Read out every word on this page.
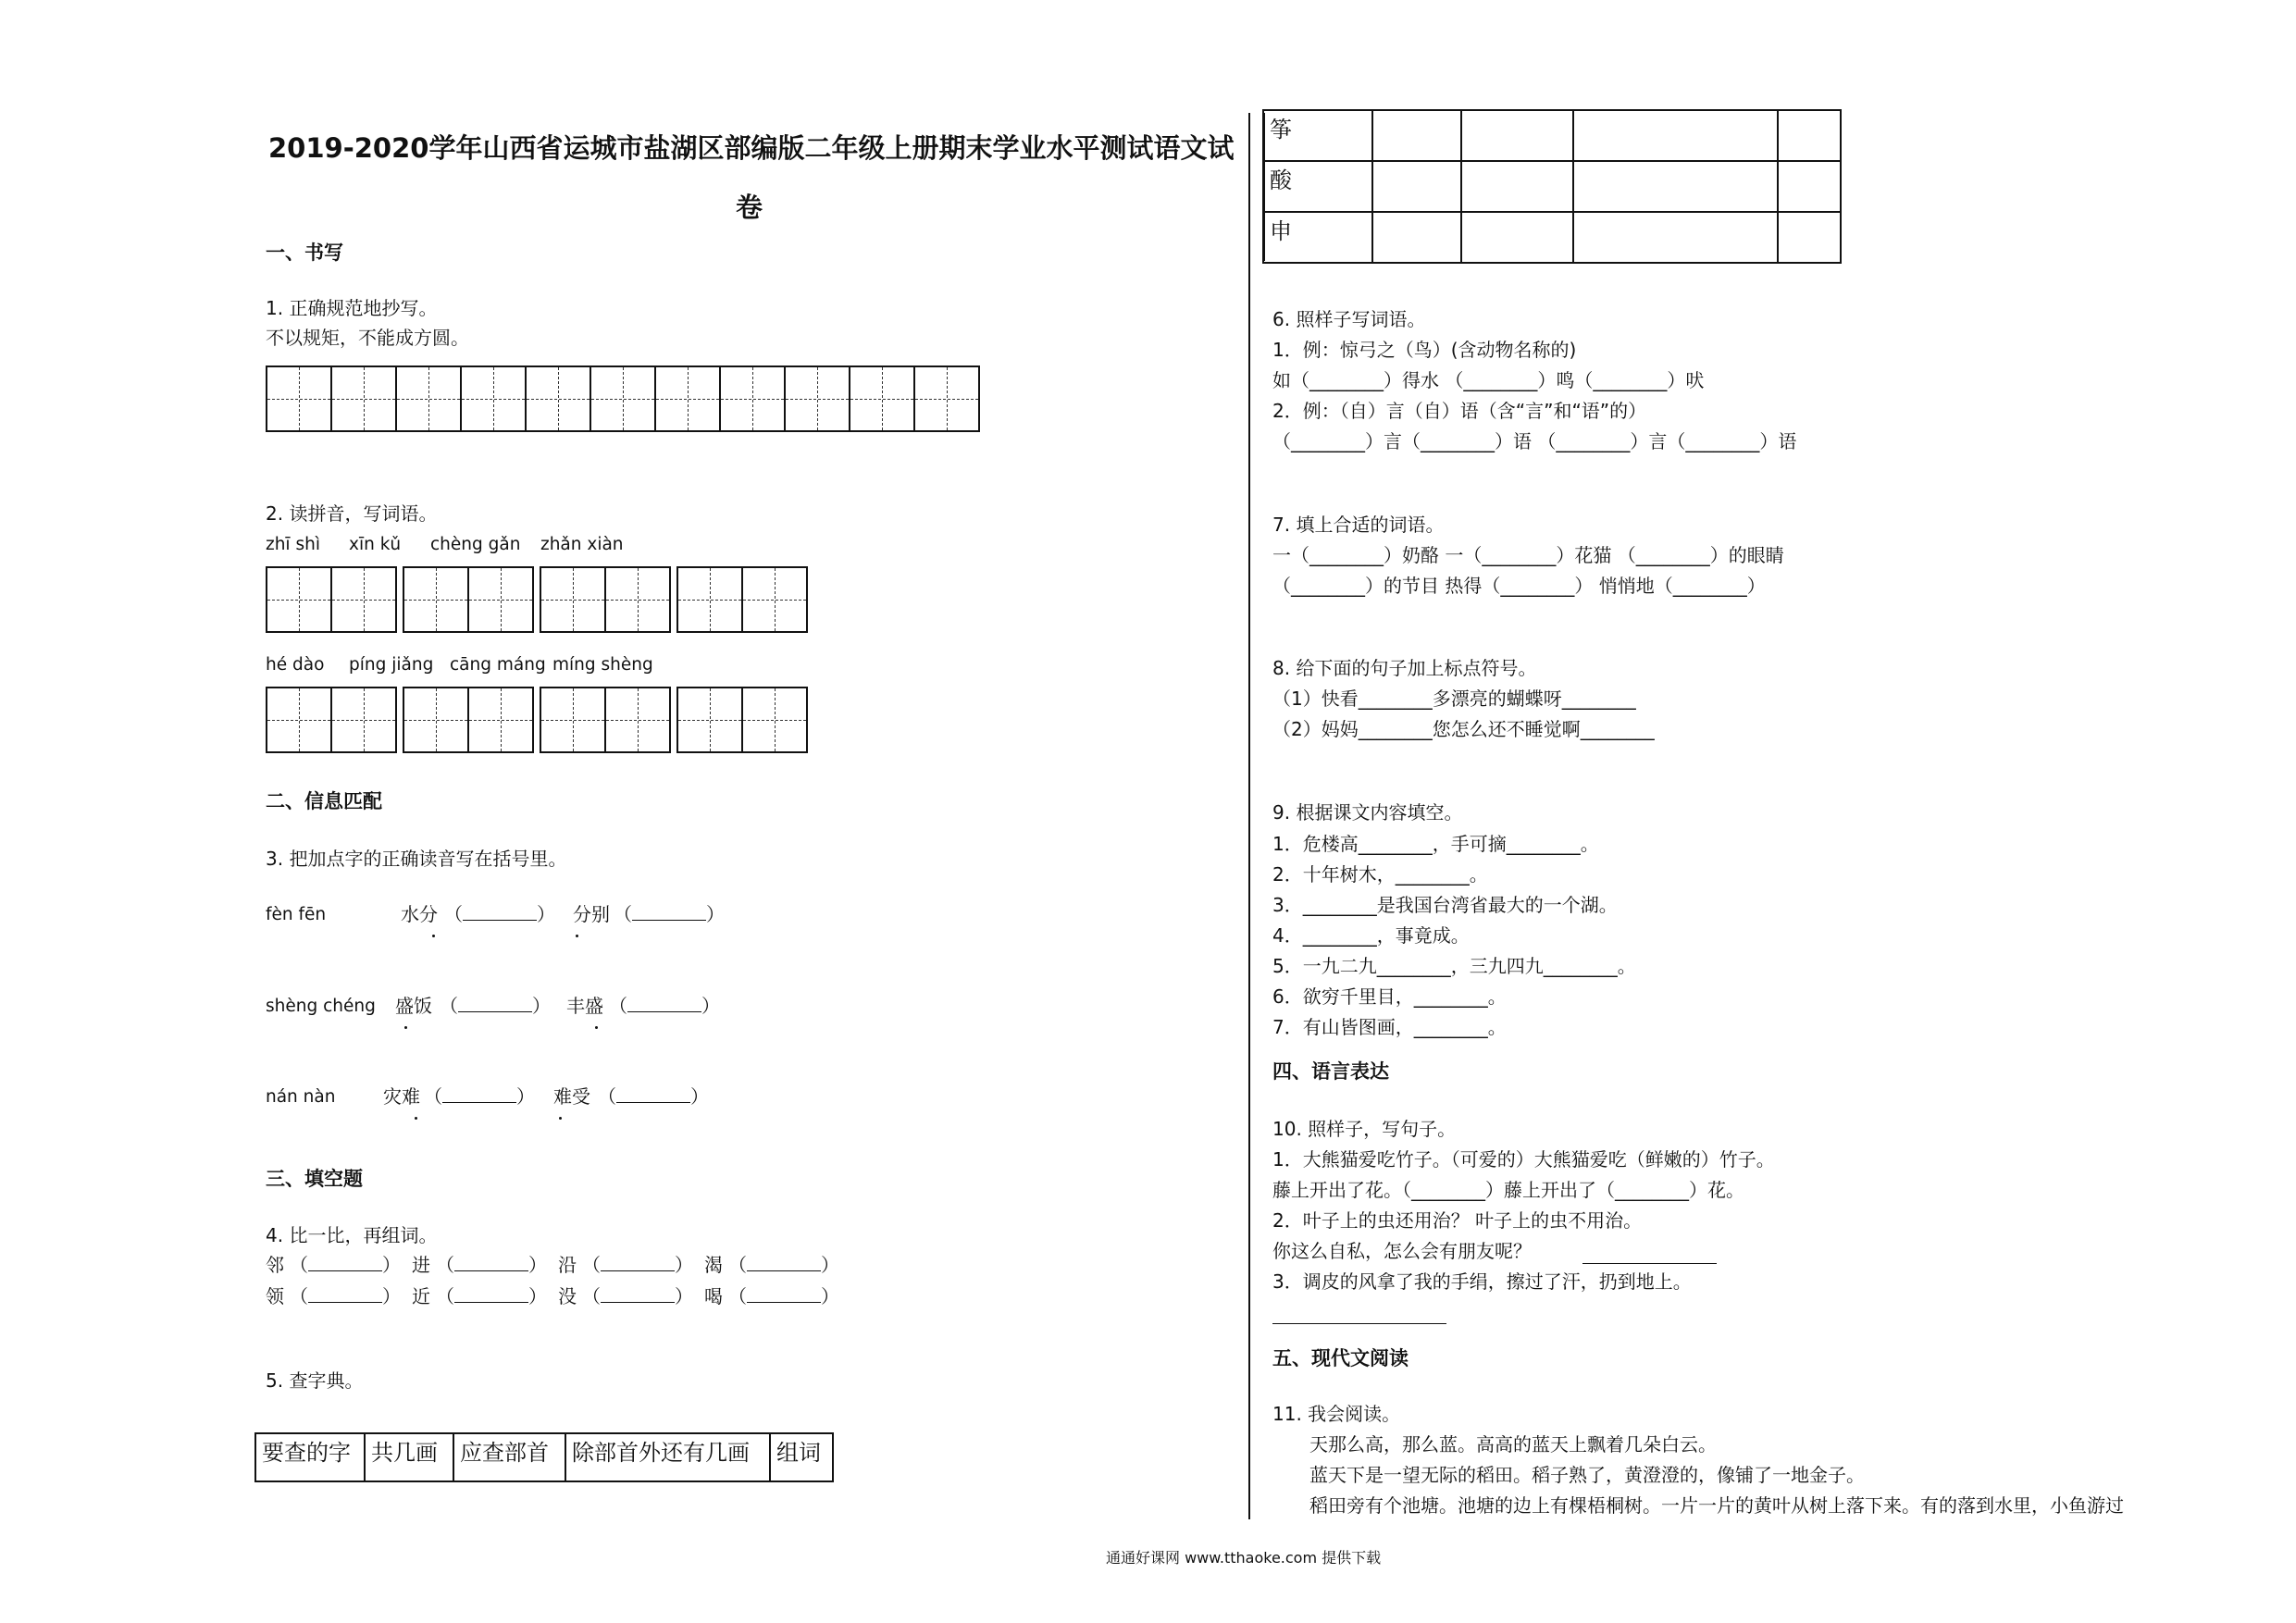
2019-2020学年山西省运城市盐湖区部编版二年级上册期末学业水平测试语文试
卷
一、书写
1. 正确规范地抄写。
不以规矩，不能成方圆。
2. 读拼音，写词语。
zhī shì xīn kǔ chèng gǎn zhǎn xiàn
hé dào píng jiǎng cāng máng míng shèng
二、信息匹配
3. 把加点字的正确读音写在括号里。
fèn fēn	水分 （	） 分别 （	）
shèng chéng 盛饭 （	） 丰盛 （	）
nán nàn	灾难 （	） 难受 （	）
三、填空题
4. 比一比，再组词。
邻 （	） 进 （	） 沿 （	） 渴 （	）
领 （	） 近 （	） 没 （	） 喝 （	）
5. 查字典。
要查的字	共几画	应查部首	除部首外还有几画	组词
筝				
酸				
申				
6. 照样子写词语。
1．例：惊弓之（鸟）(含动物名称的)
如（________）得水 （________）鸣（________）吠
2．例：（自）言（自）语（含“言”和“语”的）
（________）言（________）语 （________）言（________）语
7. 填上合适的词语。
一（________）奶酪 一（________）花猫 （________）的眼睛
（________）的节目 热得（________） 悄悄地（________）
8. 给下面的句子加上标点符号。
（1）快看________多漂亮的蝴蝶呀________
（2）妈妈________您怎么还不睡觉啊________
9. 根据课文内容填空。
1．危楼高________，手可摘________。
2．十年树木，________。
3．________是我国台湾省最大的一个湖。
4．________，事竟成。
5．一九二九________，三九四九________。
6．欲穷千里目，________。
7．有山皆图画，________。
四、语言表达
10. 照样子，写句子。
1．大熊猫爱吃竹子。（可爱的）大熊猫爱吃（鲜嫩的）竹子。
藤上开出了花。（________）藤上开出了（________）花。
2．叶子上的虫还用治？ 叶子上的虫不用治。
你这么自私，怎么会有朋友呢？
3．调皮的风拿了我的手绢，擦过了汗，扔到地上。
五、现代文阅读
11. 我会阅读。
天那么高，那么蓝。高高的蓝天上飘着几朵白云。
蓝天下是一望无际的稻田。稻子熟了，黄澄澄的，像铺了一地金子。
稻田旁有个池塘。池塘的边上有棵梧桐树。一片一片的黄叶从树上落下来。有的落到水里，小鱼游过
通通好课网 www.tthaoke.com 提供下载
